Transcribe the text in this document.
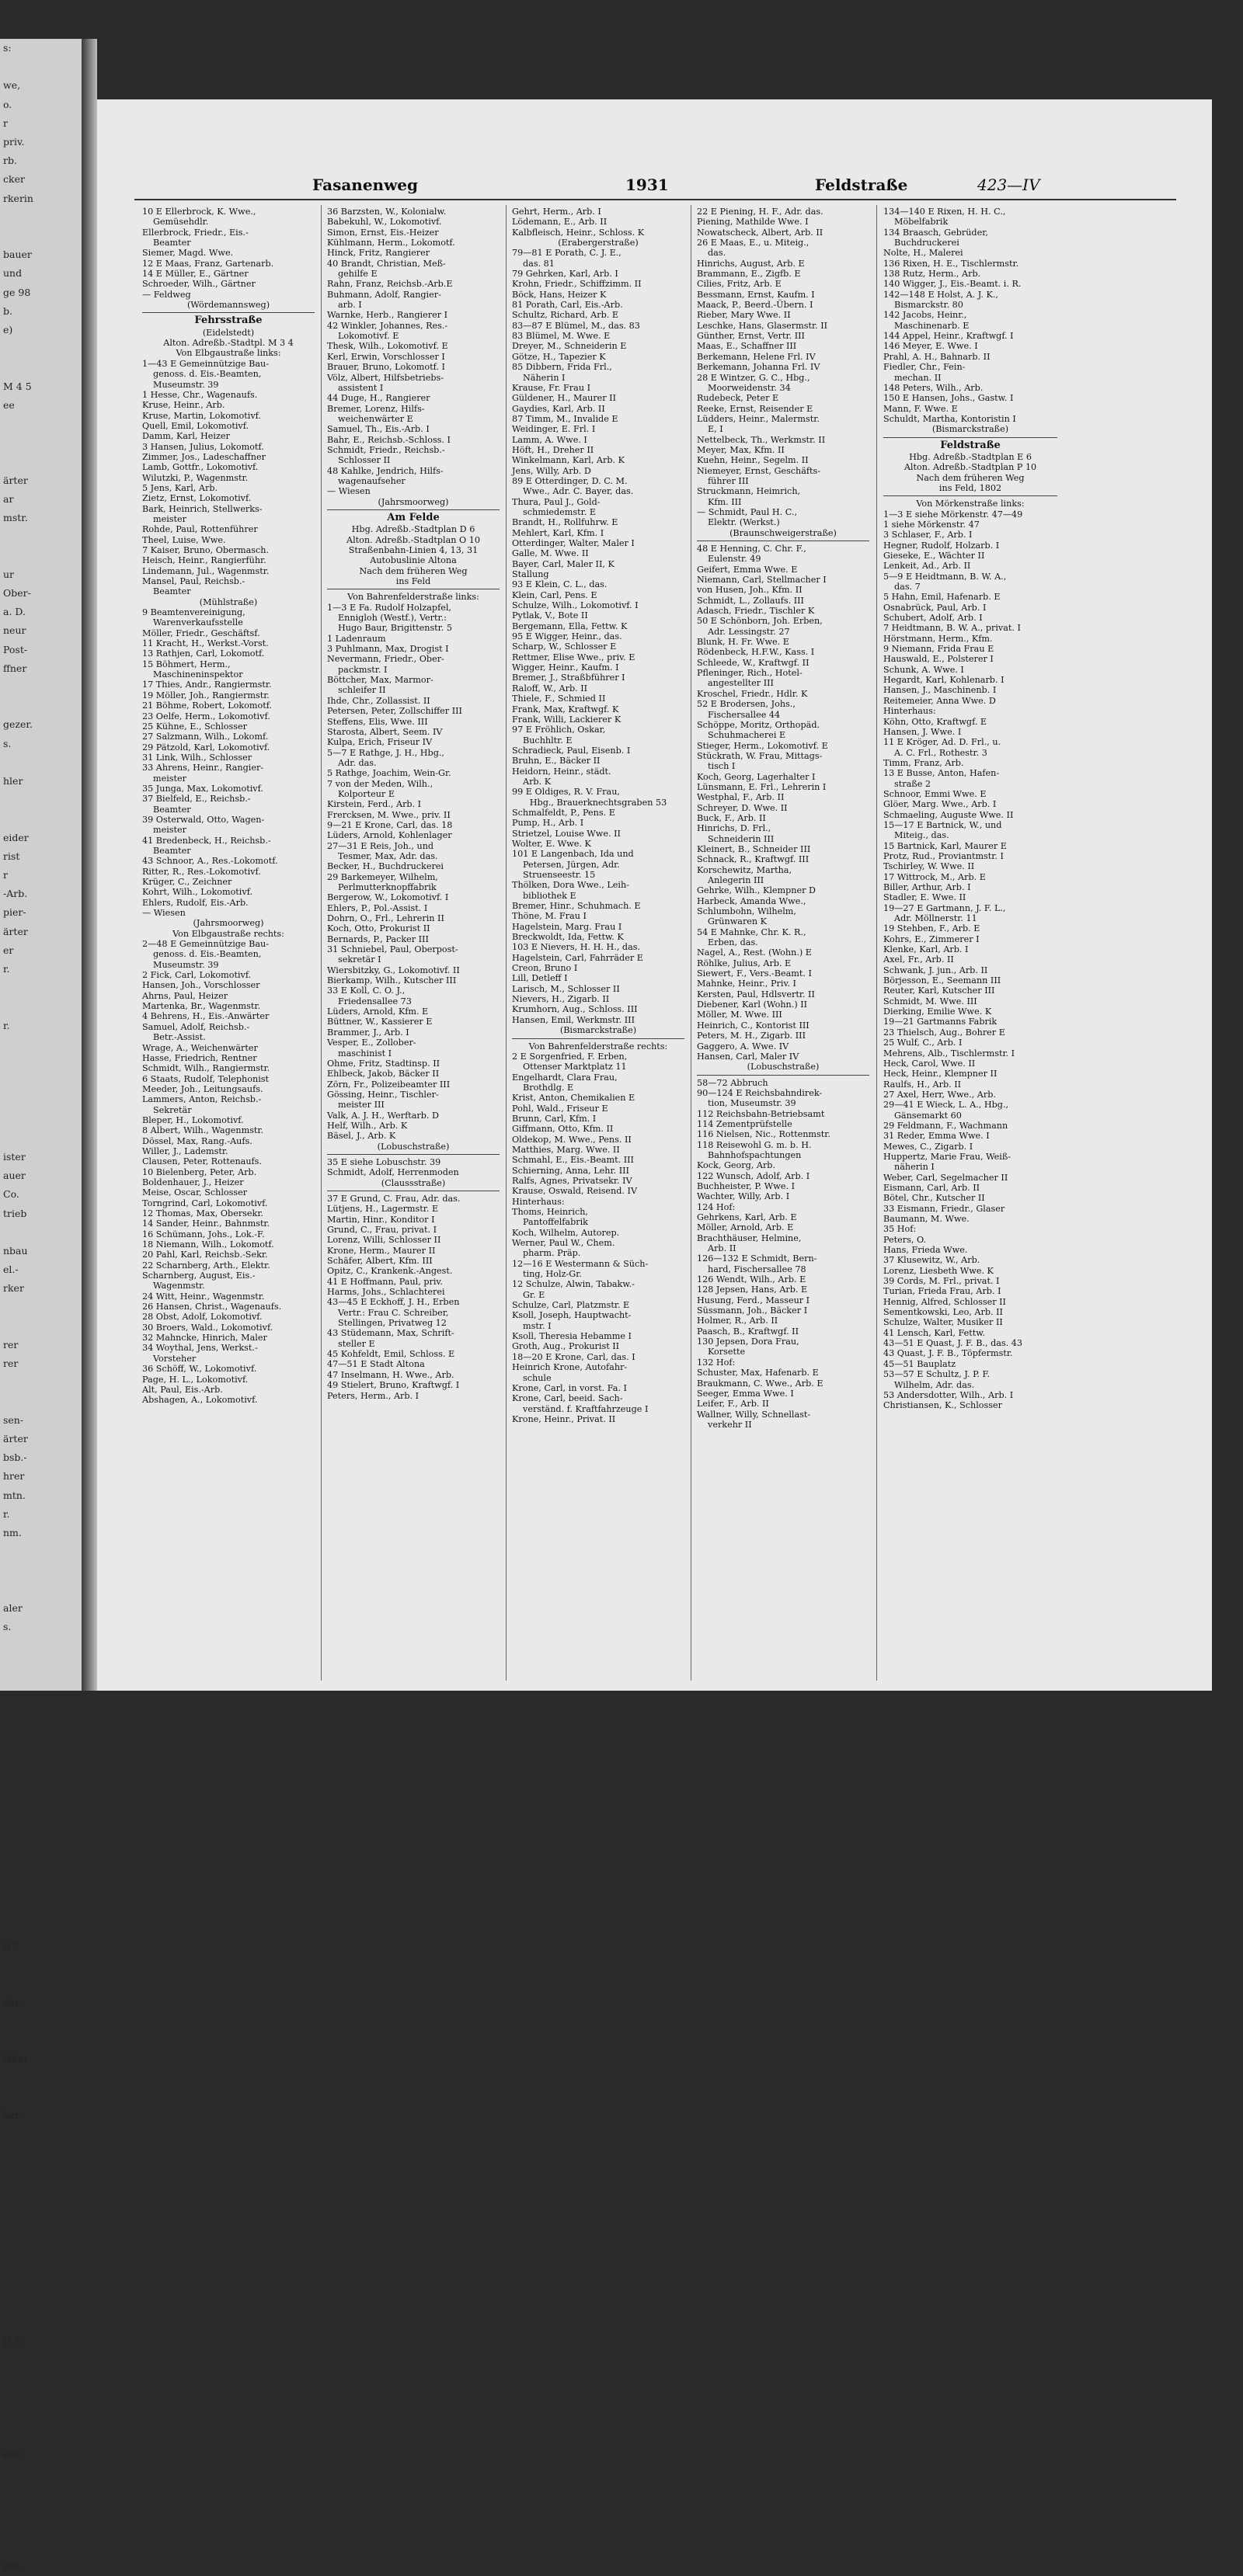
s:

we,
o.
r
priv.
rb.
cker
rkerin

bauer
und
ge 98
b.
e)

M 4 5
ee

ärter
ar
mstr.

ur
Ober-
a. D.
neur
Post-
ffner

gezer.
s.

hler

eider
rist
r
-Arb.
pier-
ärter
er
r.

r.

ister
auer
Co.
trieb

nbau
el.-
rker

rer
rer

sen-
ärter
bsb.-
hrer
mtn.
r.
nm.

aler
s.

B 7

ekr.

ikker

ker

D 5

arb.

arb.
Fasanenweg	1931	Feldstraße	423—IV
10 E Ellerbrock, K. Wwe.,
Gemüsehdlr.
Ellerbrock, Friedr., Eis.-
Beamter
Siemer, Magd. Wwe.
12 E Maas, Franz, Gartenarb.
14 E Müller, E., Gärtner
Schroeder, Wilh., Gärtner
— Feldweg
(Wördemannsweg)
Fehrsstraße
(Eidelstedt)
Alton. Adreßb.-Stadtpl. M 3 4
Von Elbgaustraße links:
1—43 E Gemeinnützige Bau-
genoss. d. Eis.-Beamten,
Museumstr. 39
1 Hesse, Chr., Wagenaufs.
Kruse, Heinr., Arb.
Kruse, Martin, Lokomotivf.
Quell, Emil, Lokomotivf.
Damm, Karl, Heizer
3 Hansen, Julius, Lokomotf.
Zimmer, Jos., Ladeschaffner
Lamb, Gottfr., Lokomotivf.
Wilutzki, P., Wagenmstr.
5 Jens, Karl, Arb.
Zietz, Ernst, Lokomotivf.
Bark, Heinrich, Stellwerks-
meister
Rohde, Paul, Rottenführer
Theel, Luise, Wwe.
7 Kaiser, Bruno, Obermasch.
Heisch, Heinr., Rangierführ.
Lindemann, Jul., Wagenmstr.
Mansel, Paul, Reichsb.-
Beamter
(Mühlstraße)
9 Beamtenvereinigung,
Warenverkaufsstelle
Möller, Friedr., Geschäftsf.
11 Kracht, H., Werkst.-Vorst.
13 Rathjen, Carl, Lokomotf.
15 Böhmert, Herm.,
Maschineninspektor
17 Thies, Andr., Rangiermstr.
19 Möller, Joh., Rangiermstr.
21 Böhme, Robert, Lokomotf.
23 Oelfe, Herm., Lokomotivf.
25 Kühne, E., Schlosser
27 Salzmann, Wilh., Lokomf.
29 Pätzold, Karl, Lokomotivf.
31 Link, Wilh., Schlosser
33 Ahrens, Heinr., Rangier-
meister
35 Junga, Max, Lokomotivf.
37 Bielfeld, E., Reichsb.-
Beamter
39 Osterwald, Otto, Wagen-
meister
41 Bredenbeck, H., Reichsb.-
Beamter
43 Schnoor, A., Res.-Lokomotf.
Ritter, R., Res.-Lokomotivf.
Krüger, C., Zeichner
Kohrt, Wilh., Lokomotivf.
Ehlers, Rudolf, Eis.-Arb.
— Wiesen
(Jahrsmoorweg)
Von Elbgaustraße rechts:
2—48 E Gemeinnützige Bau-
genoss. d. Eis.-Beamten,
Museumstr. 39
2 Fick, Carl, Lokomotivf.
Hansen, Joh., Vorschlosser
Ahrns, Paul, Heizer
Martenka, Br., Wagenmstr.
4 Behrens, H., Eis.-Anwärter
Samuel, Adolf, Reichsb.-
Betr.-Assist.
Wrage, A., Weichenwärter
Hasse, Friedrich, Rentner
Schmidt, Wilh., Rangiermstr.
6 Staats, Rudolf, Telephonist
Meeder, Joh., Leitungsaufs.
Lammers, Anton, Reichsb.-
Sekretär
Bleper, H., Lokomotivf.
8 Albert, Wilh., Wagenmstr.
Dössel, Max, Rang.-Aufs.
Willer, J., Lademstr.
Clausen, Peter, Rottenaufs.
10 Bielenberg, Peter, Arb.
Boldenhauer, J., Heizer
Meise, Oscar, Schlosser
Torngrind, Carl, Lokomotivf.
12 Thomas, Max, Obersekr.
14 Sander, Heinr., Bahnmstr.
16 Schümann, Johs., Lok.-F.
18 Niemann, Wilh., Lokomotf.
20 Pahl, Karl, Reichsb.-Sekr.
22 Scharnberg, Arth., Elektr.
Scharnberg, August, Eis.-
Wagenmstr.
24 Witt, Heinr., Wagenmstr.
26 Hansen, Christ., Wagenaufs.
28 Obst, Adolf, Lokomotivf.
30 Broers, Wald., Lokomotivf.
32 Mahncke, Hinrich, Maler
34 Woythal, Jens, Werkst.-
Vorsteher
36 Schöff, W., Lokomotivf.
Page, H. L., Lokomotivf.
Alt, Paul, Eis.-Arb.
Abshagen, A., Lokomotivf.
36 Barzsten, W., Kolonialw.
Babekuhl, W., Lokomotivf.
Simon, Ernst, Eis.-Heizer
Kühlmann, Herm., Lokomotf.
Hinck, Fritz, Rangierer
40 Brandt, Christian, Meß-
gehilfe E
Rahn, Franz, Reichsb.-Arb.E
Buhmann, Adolf, Rangier-
arb. I
Warnke, Herb., Rangierer I
42 Winkler, Johannes, Res.-
Lokomotivf. E
Thesk, Wilh., Lokomotivf. E
Kerl, Erwin, Vorschlosser I
Brauer, Bruno, Lokomotf. I
Völz, Albert, Hilfsbetriebs-
assistent I
44 Duge, H., Rangierer
Bremer, Lorenz, Hilfs-
weichenwärter E
Samuel, Th., Eis.-Arb. I
Bahr, E., Reichsb.-Schloss. I
Schmidt, Friedr., Reichsb.-
Schlosser II
48 Kahlke, Jendrich, Hilfs-
wagenaufseher
— Wiesen
(Jahrsmoorweg)
Am Felde
Hbg. Adreßb.-Stadtplan D 6
Alton. Adreßb.-Stadtplan O 10
Straßenbahn-Linien 4, 13, 31
Autobuslinie Altona
Nach dem früheren Weg
ins Feld
Von Bahrenfelderstraße links:
1—3 E Fa. Rudolf Holzapfel,
Ennigloh (Westf.), Vertr.:
Hugo Baur, Brigittenstr. 5
1 Ladenraum
3 Puhlmann, Max, Drogist I
Nevermann, Friedr., Ober-
packmstr. I
Böttcher, Max, Marmor-
schleifer II
Ihde, Chr., Zollassist. II
Petersen, Peter, Zollschiffer III
Steffens, Elis, Wwe. III
Starosta, Albert, Seem. IV
Kulpa, Erich, Friseur IV
5—7 E Rathge, J. H., Hbg.,
Adr. das.
5 Rathge, Joachim, Wein-Gr.
7 von der Meden, Wilh.,
Kolporteur E
Kirstein, Ferd., Arb. I
Frercksen, M. Wwe., priv. II
9—21 E Krone, Carl, das. 18
Lüders, Arnold, Kohlenlager
27—31 E Reis, Joh., und
Tesmer, Max, Adr. das.
Becker, H., Buchdruckerei
29 Barkemeyer, Wilhelm,
Perlmutterknopffabrik
Bergerow, W., Lokomotivf. I
Ehlers, P., Pol.-Assist. I
Dohrn, O., Frl., Lehrerin II
Koch, Otto, Prokurist II
Bernards, P., Packer III
31 Schniebel, Paul, Oberpost-
sekretär I
Wiersbitzky, G., Lokomotivf. II
Bierkamp, Wilh., Kutscher III
33 E Koll, C. O. J.,
Friedensallee 73
Lüders, Arnold, Kfm. E
Büttner, W., Kassierer E
Brammer, J., Arb. I
Vesper, E., Zollober-
maschinist I
Ohme, Fritz, Stadtinsp. II
Ehlbeck, Jakob, Bäcker II
Zörn, Fr., Polizeibeamter III
Gössing, Heinr., Tischler-
meister III
Valk, A. J. H., Werftarb. D
Helf, Wilh., Arb. K
Bäsel, J., Arb. K
(Lobuschstraße)
35 E siehe Lobuschstr. 39
Schmidt, Adolf, Herrenmoden
(Claussstraße)
37 E Grund, C. Frau, Adr. das.
Lütjens, H., Lagermstr. E
Martin, Hinr., Konditor I
Grund, C., Frau, privat. I
Lorenz, Willi, Schlosser II
Krone, Herm., Maurer II
Schäfer, Albert, Kfm. III
Opitz, C., Krankenk.-Angest.
41 E Hoffmann, Paul, priv.
Harms, Johs., Schlachterei
43—45 E Eckhoff, J. H., Erben
Vertr.: Frau C. Schreiber,
Stellingen, Privatweg 12
43 Stüdemann, Max, Schrift-
steller E
45 Kohfeldt, Emil, Schloss. E
47—51 E Stadt Altona
47 Inselmann, H. Wwe., Arb.
49 Stielert, Bruno, Kraftwgf. I
Peters, Herm., Arb. I
Gehrt, Herm., Arb. I
Lödemann, E., Arb. II
Kalbfleisch, Heinr., Schloss. K
(Erabergerstraße)
79—81 E Porath, C. J. E.,
das. 81
79 Gehrken, Karl, Arb. I
Krohn, Friedr., Schiffzimm. II
Böck, Hans, Heizer K
81 Porath, Carl, Eis.-Arb.
Schultz, Richard, Arb. E
83—87 E Blümel, M., das. 83
83 Blümel, M. Wwe. E
Dreyer, M., Schneiderin E
Götze, H., Tapezier K
85 Dibbern, Frida Frl.,
Näherin I
Krause, Fr. Frau I
Güldener, H., Maurer II
Gaydies, Karl, Arb. II
87 Timm, M., Invalide E
Weidinger, E. Frl. I
Lamm, A. Wwe. I
Höft, H., Dreher II
Winkelmann, Karl, Arb. K
Jens, Willy, Arb. D
89 E Otterdinger, D. C. M.
Wwe., Adr. C. Bayer, das.
Thura, Paul J., Gold-
schmiedemstr. E
Brandt, H., Rollfuhrw. E
Mehlert, Karl, Kfm. I
Otterdinger, Walter, Maler I
Galle, M. Wwe. II
Bayer, Carl, Maler II, K
Stallung
93 E Klein, C. L., das.
Klein, Carl, Pens. E
Schulze, Wilh., Lokomotivf. I
Pytlak, V., Bote II
Bergemann, Ella, Fettw. K
95 E Wigger, Heinr., das.
Scharp, W., Schlosser E
Rettmer, Elise Wwe., priv. E
Wigger, Heinr., Kaufm. I
Bremer, J., Straßbführer I
Raloff, W., Arb. II
Thiele, F., Schmied II
Frank, Max, Kraftwgf. K
Frank, Willi, Lackierer K
97 E Fröhlich, Oskar,
Buchhltr. E
Schradieck, Paul, Eisenb. I
Bruhn, E., Bäcker II
Heidorn, Heinr., städt.
Arb. K
99 E Oldiges, R. V. Frau,
Hbg., Brauerknechtsgraben 53
Schmalfeldt, P., Pens. E
Pump, H., Arb. I
Strietzel, Louise Wwe. II
Wolter, E. Wwe. K
101 E Langenbach, Ida und
Petersen, Jürgen, Adr.
Struenseestr. 15
Thölken, Dora Wwe., Leih-
bibliothek E
Bremer, Hinr., Schuhmach. E
Thöne, M. Frau I
Hagelstein, Marg. Frau I
Breckwoldt, Ida, Fettw. K
103 E Nievers, H. H. H., das.
Hagelstein, Carl, Fahrräder E
Creon, Bruno I
Lill, Detleff I
Larisch, M., Schlosser II
Nievers, H., Zigarb. II
Krumhorn, Aug., Schloss. III
Hansen, Emil, Werkmstr. III
(Bismarckstraße)
Von Bahrenfelderstraße rechts:
2 E Sorgenfried, F. Erben,
Ottenser Marktplatz 11
Engelhardt, Clara Frau,
Brothdlg. E
Krist, Anton, Chemikalien E
Pohl, Wald., Friseur E
Brunn, Carl, Kfm. I
Giffmann, Otto, Kfm. II
Oldekop, M. Wwe., Pens. II
Matthies, Marg. Wwe. II
Schmahl, E., Eis.-Beamt. III
Schierning, Anna, Lehr. III
Ralfs, Agnes, Privatsekr. IV
Krause, Oswald, Reisend. IV
Hinterhaus:
Thoms, Heinrich,
Pantoffelfabrik
Koch, Wilhelm, Autorep.
Werner, Paul W., Chem.
pharm. Präp.
12—16 E Westermann & Süch-
ting, Holz-Gr.
12 Schulze, Alwin, Tabakw.-
Gr. E
Schulze, Carl, Platzmstr. E
Ksoll, Joseph, Hauptwacht-
mstr. I
Ksoll, Theresia Hebamme I
Groth, Aug., Prokurist II
18—20 E Krone, Carl, das. I
Heinrich Krone, Autofahr-
schule
Krone, Carl, in vorst. Fa. I
Krone, Carl, beeid. Sach-
verständ. f. Kraftfahrzeuge I
Krone, Heinr., Privat. II
22 E Piening, H. F., Adr. das.
Piening, Mathilde Wwe. I
Nowatscheck, Albert, Arb. II
26 E Maas, E., u. Miteig.,
das.
Hinrichs, August, Arb. E
Brammann, E., Zigfb. E
Cilies, Fritz, Arb. E
Bessmann, Ernst, Kaufm. I
Maack, P., Beerd.-Übern. I
Rieber, Mary Wwe. II
Leschke, Hans, Glasermstr. II
Günther, Ernst, Vertr. III
Maas, E., Schaffner III
Berkemann, Helene Frl. IV
Berkemann, Johanna Frl. IV
28 E Wintzer, G. C., Hbg.,
Moorweidenstr. 34
Rudebeck, Peter E
Reeke, Ernst, Reisender E
Lüdders, Heinr., Malermstr.
E, I
Nettelbeck, Th., Werkmstr. II
Meyer, Max, Kfm. II
Kuehn, Heinr., Segelm. II
Niemeyer, Ernst, Geschäfts-
führer III
Struckmann, Heimrich,
Kfm. III
— Schmidt, Paul H. C.,
Elektr. (Werkst.)
(Braunschweigerstraße)
48 E Henning, C. Chr. F.,
Eulenstr. 49
Geifert, Emma Wwe. E
Niemann, Carl, Stellmacher I
von Husen, Joh., Kfm. II
Schmidt, L., Zollaufs. III
Adasch, Friedr., Tischler K
50 E Schönborn, Joh. Erben,
Adr. Lessingstr. 27
Blunk, H. Fr. Wwe. E
Rödenbeck, H.F.W., Kass. I
Schleede, W., Kraftwgf. II
Pfleninger, Rich., Hotel-
angestellter III
Kroschel, Friedr., Hdlr. K
52 E Brodersen, Johs.,
Fischersallee 44
Schöppe, Moritz, Orthopäd.
Schuhmacherei E
Stieger, Herm., Lokomotivf. E
Stückrath, W. Frau, Mittags-
tisch I
Koch, Georg, Lagerhalter I
Lünsmann, E. Frl., Lehrerin I
Westphal, F., Arb. II
Schreyer, D. Wwe. II
Buck, F., Arb. II
Hinrichs, D. Frl.,
Schneiderin III
Kleinert, B., Schneider III
Schnack, R., Kraftwgf. III
Korschewitz, Martha,
Anlegerin III
Gehrke, Wilh., Klempner D
Harbeck, Amanda Wwe.,
Schlumbohn, Wilhelm,
Grünwaren K
54 E Mahnke, Chr. K. R.,
Erben, das.
Nagel, A., Rest. (Wohn.) E
Röhlke, Julius, Arb. E
Siewert, F., Vers.-Beamt. I
Mahnke, Heinr., Priv. I
Kersten, Paul, Hdlsvertr. II
Diebener, Karl (Wohn.) II
Möller, M. Wwe. III
Heinrich, C., Kontorist III
Peters, M. H., Zigarb. III
Gaggero, A. Wwe. IV
Hansen, Carl, Maler IV
(Lobuschstraße)
58—72 Abbruch
90—124 E Reichsbahndirek-
tion, Museumstr. 39
112 Reichsbahn-Betriebsamt
114 Zementprüfstelle
116 Nielsen, Nic., Rottenmstr.
118 Reisewohl G. m. b. H.
Bahnhofspachtungen
Kock, Georg, Arb.
122 Wunsch, Adolf, Arb. I
Buchheister, P. Wwe. I
Wachter, Willy, Arb. I
124 Hof:
Gehrkens, Karl, Arb. E
Möller, Arnold, Arb. E
Brachthäuser, Helmine,
Arb. II
126—132 E Schmidt, Bern-
hard, Fischersallee 78
126 Wendt, Wilh., Arb. E
128 Jepsen, Hans, Arb. E
Husung, Ferd., Masseur I
Süssmann, Joh., Bäcker I
Holmer, R., Arb. II
Paasch, B., Kraftwgf. II
130 Jepsen, Dora Frau,
Korsette
132 Hof:
Schuster, Max, Hafenarb. E
Braukmann, C. Wwe., Arb. E
Seeger, Emma Wwe. I
Leifer, F., Arb. II
Wallner, Willy, Schnellast-
verkehr II
134—140 E Rixen, H. H. C.,
Möbelfabrik
134 Braasch, Gebrüder,
Buchdruckerei
Nolte, H., Malerei
136 Rixen, H. E., Tischlermstr.
138 Rutz, Herm., Arb.
140 Wigger, J., Eis.-Beamt. i. R.
142—148 E Holst, A. J. K.,
Bismarckstr. 80
142 Jacobs, Heinr.,
Maschinenarb. E
144 Appel, Heinr., Kraftwgf. I
146 Meyer, E. Wwe. I
Prahl, A. H., Bahnarb. II
Fiedler, Chr., Fein-
mechan. II
148 Peters, Wilh., Arb.
150 E Hansen, Johs., Gastw. I
Mann, F. Wwe. E
Schuldt, Martha, Kontoristin I
(Bismarckstraße)
Feldstraße
Hbg. Adreßb.-Stadtplan E 6
Alton. Adreßb.-Stadtplan P 10
Nach dem früheren Weg
ins Feld, 1802
Von Mörkenstraße links:
1—3 E siehe Mörkenstr. 47—49
1 siehe Mörkenstr. 47
3 Schlaser, F., Arb. I
Hegner, Rudolf, Holzarb. I
Gieseke, E., Wächter II
Lenkeit, Ad., Arb. II
5—9 E Heidtmann, B. W. A.,
das. 7
5 Hahn, Emil, Hafenarb. E
Osnabrück, Paul, Arb. I
Schubert, Adolf, Arb. I
7 Heidtmann, B. W. A., privat. I
Hörstmann, Herm., Kfm.
9 Niemann, Frida Frau E
Hauswald, E., Polsterer I
Schunk, A. Wwe. I
Hegardt, Karl, Kohlenarb. I
Hansen, J., Maschinenb. I
Reitemeier, Anna Wwe. D
Hinterhaus:
Köhn, Otto, Kraftwgf. E
Hansen, J. Wwe. I
11 E Kröger, Ad. D. Frl., u.
A. C. Frl., Rothestr. 3
Timm, Franz, Arb.
13 E Busse, Anton, Hafen-
straße 2
Schnoor, Emmi Wwe. E
Glöer, Marg. Wwe., Arb. I
Schmaeling, Auguste Wwe. II
15—17 E Bartnick, W., und
Miteig., das.
15 Bartnick, Karl, Maurer E
Protz, Rud., Proviantmstr. I
Tschirley, W. Wwe. II
17 Wittrock, M., Arb. E
Biller, Arthur, Arb. I
Stadler, E. Wwe. II
19—27 E Gartmann, J. F. L.,
Adr. Möllnerstr. 11
19 Stehben, F., Arb. E
Kohrs, E., Zimmerer I
Klenke, Karl, Arb. I
Axel, Fr., Arb. II
Schwank, J. jun., Arb. II
Börjesson, E., Seemann III
Reuter, Karl, Kutscher III
Schmidt, M. Wwe. III
Dierking, Emilie Wwe. K
19—21 Gartmanns Fabrik
23 Thielsch, Aug., Bohrer E
25 Wulf, C., Arb. I
Mehrens, Alb., Tischlermstr. I
Heck, Carol, Wwe. II
Heck, Heinr., Klempner II
Raulfs, H., Arb. II
27 Axel, Herr, Wwe., Arb.
29—41 E Wieck, L. A., Hbg.,
Gänsemarkt 60
29 Feldmann, F., Wachmann
31 Reder, Emma Wwe. I
Mewes, C., Zigarb. I
Huppertz, Marie Frau, Weiß-
näherin I
Weber, Carl, Segelmacher II
Eismann, Carl, Arb. II
Bötel, Chr., Kutscher II
33 Eismann, Friedr., Glaser
Baumann, M. Wwe.
35 Hof:
Peters, O.
Hans, Frieda Wwe.
37 Klusewitz, W., Arb.
Lorenz, Liesbeth Wwe. K
39 Cords, M. Frl., privat. I
Turian, Frieda Frau, Arb. I
Hennig, Alfred, Schlosser II
Sementkowski, Leo, Arb. II
Schulze, Walter, Musiker II
41 Lensch, Karl, Fettw.
43—51 E Quast, J. F. B., das. 43
43 Quast, J. F. B., Töpfermstr.
45—51 Bauplatz
53—57 E Schultz, J. P. F.
Wilhelm, Adr. das.
53 Andersdotter, Wilh., Arb. I
Christiansen, K., Schlosser
